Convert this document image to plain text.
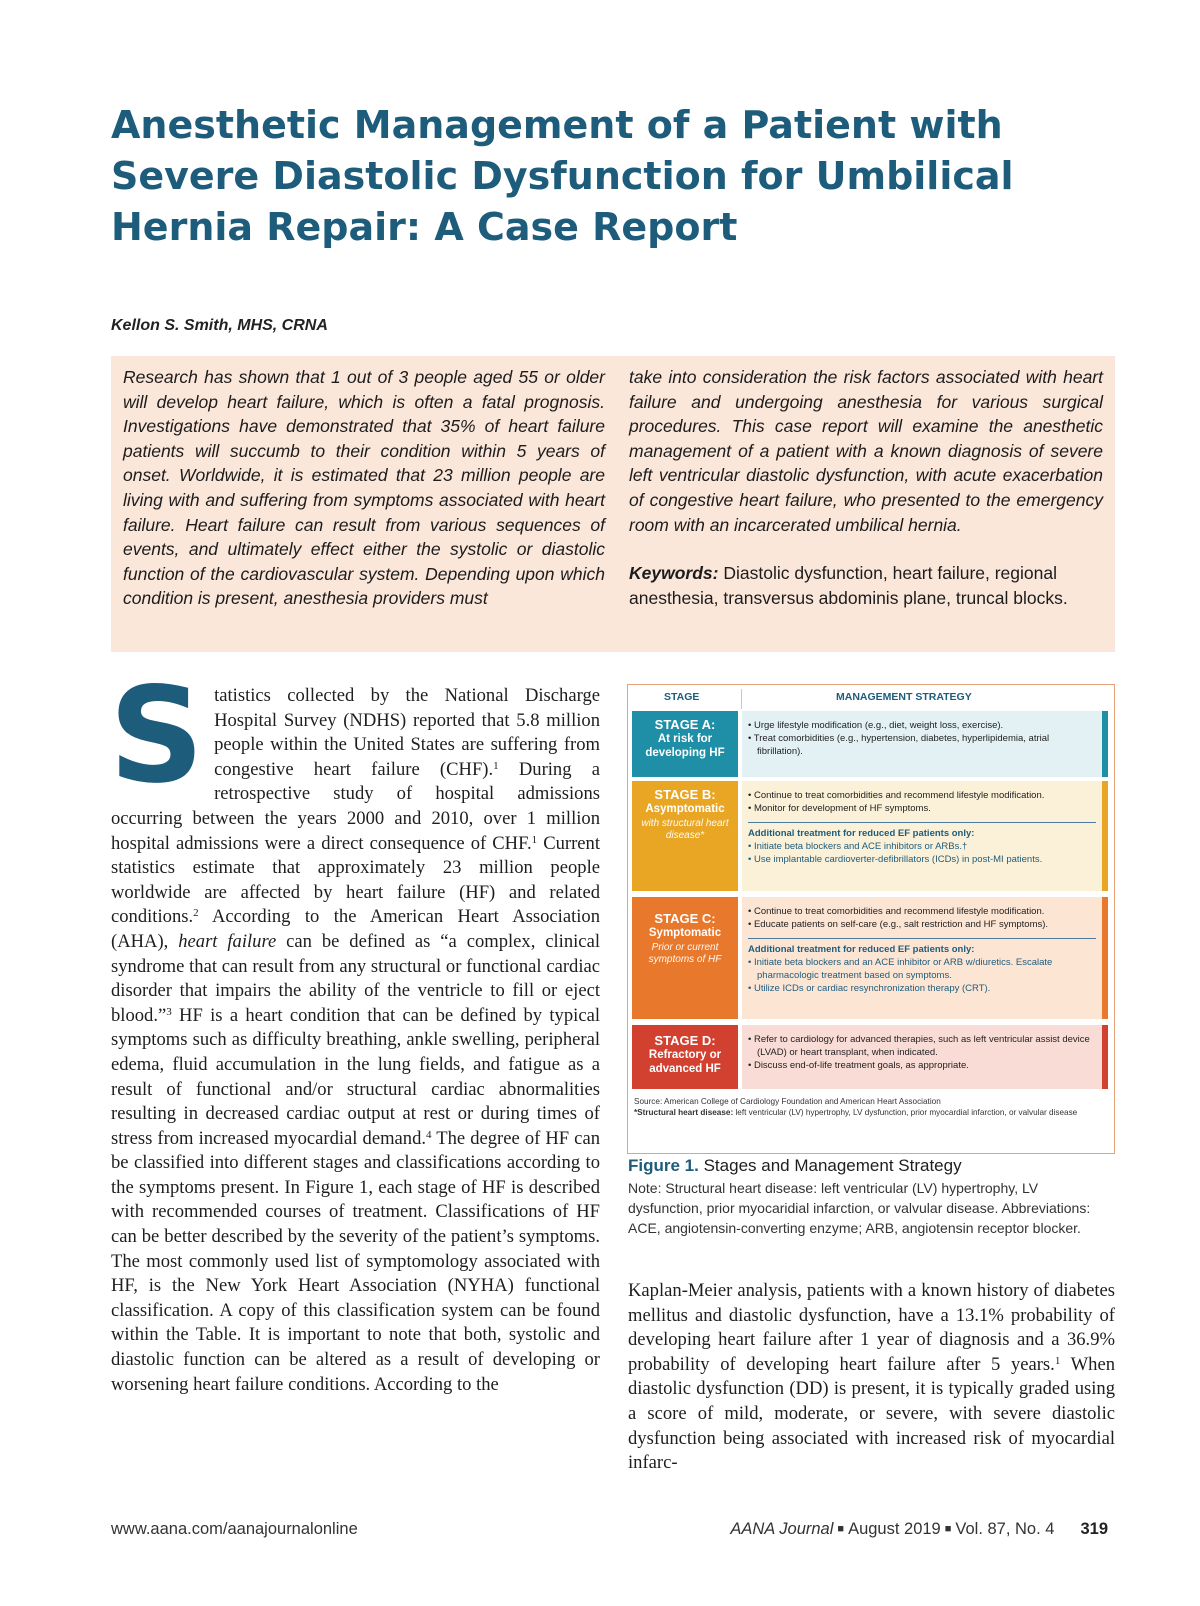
Anesthetic Management of a Patient with Severe Diastolic Dysfunction for Umbilical Hernia Repair: A Case Report
Kellon S. Smith, MHS, CRNA
Research has shown that 1 out of 3 people aged 55 or older will develop heart failure, which is often a fatal prognosis. Investigations have demonstrated that 35% of heart failure patients will succumb to their condition within 5 years of onset. Worldwide, it is estimated that 23 million people are living with and suffering from symptoms associated with heart failure. Heart failure can result from various sequences of events, and ultimately effect either the systolic or diastolic function of the cardiovascular system. Depending upon which condition is present, anesthesia providers must
take into consideration the risk factors associated with heart failure and undergoing anesthesia for various surgical procedures. This case report will examine the anesthetic management of a patient with a known diagnosis of severe left ventricular diastolic dysfunction, with acute exacerbation of congestive heart failure, who presented to the emergency room with an incarcerated umbilical hernia.
Keywords: Diastolic dysfunction, heart failure, regional anesthesia, transversus abdominis plane, truncal blocks.
Statistics collected by the National Discharge Hospital Survey (NDHS) reported that 5.8 million people within the United States are suffering from congestive heart failure (CHF).$^1$ During a retrospective study of hospital admissions occurring between the years 2000 and 2010, over 1 million hospital admissions were a direct consequence of CHF.$^1$ Current statistics estimate that approximately 23 million people worldwide are affected by heart failure (HF) and related conditions.$^2$ According to the American Heart Association (AHA), heart failure can be defined as “a complex, clinical syndrome that can result from any structural or functional cardiac disorder that impairs the ability of the ventricle to fill or eject blood.”$^3$ HF is a heart condition that can be defined by typical symptoms such as difficulty breathing, ankle swelling, peripheral edema, fluid accumulation in the lung fields, and fatigue as a result of functional and/or structural cardiac abnormalities resulting in decreased cardiac output at rest or during times of stress from increased myocardial demand.$^4$ The degree of HF can be classified into different stages and classifications according to the symptoms present. In Figure 1, each stage of HF is described with recommended courses of treatment. Classifications of HF can be better described by the severity of the patient’s symptoms. The most commonly used list of symptomology associated with HF, is the New York Heart Association (NYHA) functional classification. A copy of this classification system can be found within the Table. It is important to note that both, systolic and diastolic function can be altered as a result of developing or worsening heart failure conditions. According to the
STAGE	MANAGEMENT STRATEGY
STAGE A:
At risk for developing HF
• Urge lifestyle modification (e.g., diet, weight loss, exercise).
• Treat comorbidities (e.g., hypertension, diabetes, hyperlipidemia, atrial fibrillation).
STAGE B:
Asymptomatic
with structural heart disease*
• Continue to treat comorbidities and recommend lifestyle modification.
• Monitor for development of HF symptoms.
Additional treatment for reduced EF patients only:
• Initiate beta blockers and ACE inhibitors or ARBs.†
• Use implantable cardioverter-defibrillators (ICDs) in post-MI patients.
STAGE C:
Symptomatic
Prior or current symptoms of HF
• Continue to treat comorbidities and recommend lifestyle modification.
• Educate patients on self-care (e.g., salt restriction and HF symptoms).
Additional treatment for reduced EF patients only:
• Initiate beta blockers and an ACE inhibitor or ARB w/diuretics. Escalate pharmacologic treatment based on symptoms.
• Utilize ICDs or cardiac resynchronization therapy (CRT).
STAGE D:
Refractory or advanced HF
• Refer to cardiology for advanced therapies, such as left ventricular assist device (LVAD) or heart transplant, when indicated.
• Discuss end-of-life treatment goals, as appropriate.
Source: American College of Cardiology Foundation and American Heart Association
*Structural heart disease: left ventricular (LV) hypertrophy, LV dysfunction, prior myocardial infarction, or valvular disease
Figure 1. Stages and Management Strategy
Note: Structural heart disease: left ventricular (LV) hypertrophy, LV dysfunction, prior myocaridial infarction, or valvular disease. Abbreviations: ACE, angiotensin-converting enzyme; ARB, angiotensin receptor blocker.
Kaplan-Meier analysis, patients with a known history of diabetes mellitus and diastolic dysfunction, have a 13.1% probability of developing heart failure after 1 year of diagnosis and a 36.9% probability of developing heart failure after 5 years.$^1$ When diastolic dysfunction (DD) is present, it is typically graded using a score of mild, moderate, or severe, with severe diastolic dysfunction being associated with increased risk of myocardial infarc-
www.aana.com/aanajournalonline	AANA Journal ■ August 2019 ■ Vol. 87, No. 4 319
